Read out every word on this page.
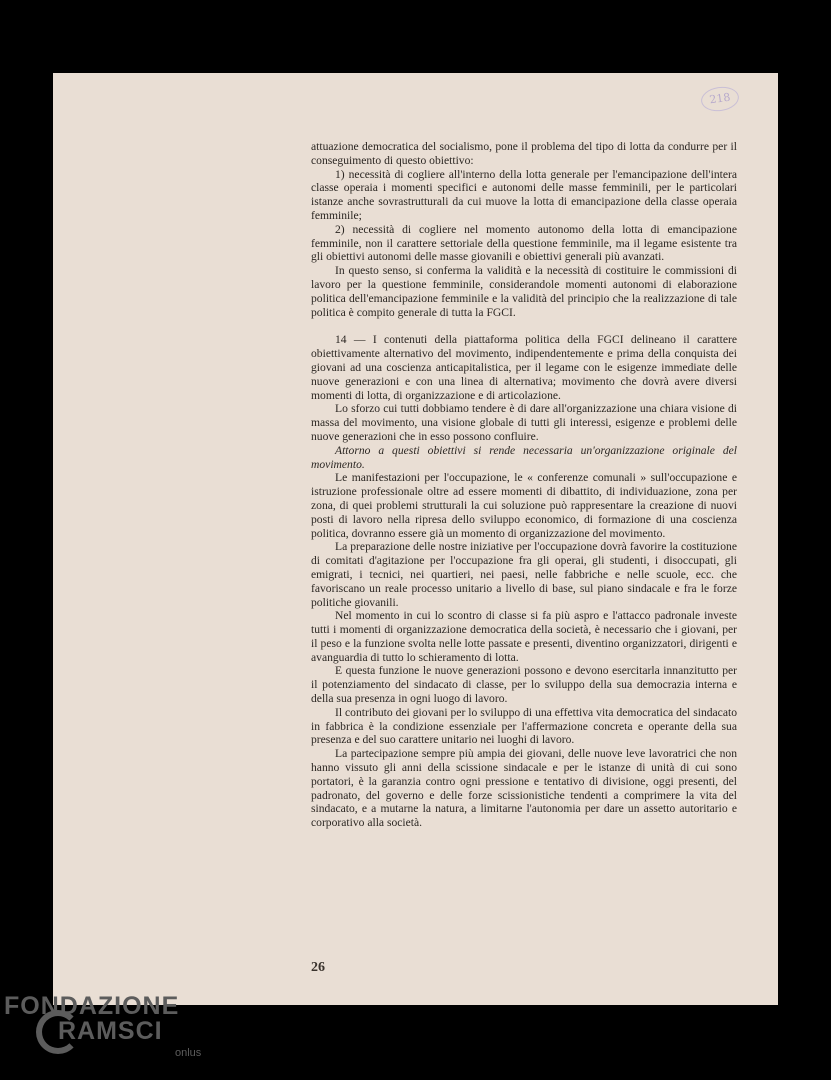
218

attuazione democratica del socialismo, pone il problema del tipo di lotta da condurre per il conseguimento di questo obiettivo:

1) necessità di cogliere all'interno della lotta generale per l'emancipazione dell'intera classe operaia i momenti specifici e autonomi delle masse femminili, per le particolari istanze anche sovrastrutturali da cui muove la lotta di emancipazione della classe operaia femminile;

2) necessità di cogliere nel momento autonomo della lotta di emancipazione femminile, non il carattere settoriale della questione femminile, ma il legame esistente tra gli obiettivi autonomi delle masse giovanili e obiettivi generali più avanzati.

In questo senso, si conferma la validità e la necessità di costituire le commissioni di lavoro per la questione femminile, considerandole momenti autonomi di elaborazione politica dell'emancipazione femminile e la validità del principio che la realizzazione di tale politica è compito generale di tutta la FGCI.

14 — I contenuti della piattaforma politica della FGCI delineano il carattere obiettivamente alternativo del movimento, indipendentemente e prima della conquista dei giovani ad una coscienza anticapitalistica, per il legame con le esigenze immediate delle nuove generazioni e con una linea di alternativa; movimento che dovrà avere diversi momenti di lotta, di organizzazione e di articolazione.

Lo sforzo cui tutti dobbiamo tendere è di dare all'organizzazione una chiara visione di massa del movimento, una visione globale di tutti gli interessi, esigenze e problemi delle nuove generazioni che in esso possono confluire.

Attorno a questi obiettivi si rende necessaria un'organizzazione originale del movimento.

Le manifestazioni per l'occupazione, le « conferenze comunali » sull'occupazione e istruzione professionale oltre ad essere momenti di dibattito, di individuazione, zona per zona, di quei problemi strutturali la cui soluzione può rappresentare la creazione di nuovi posti di lavoro nella ripresa dello sviluppo economico, di formazione di una coscienza politica, dovranno essere già un momento di organizzazione del movimento.

La preparazione delle nostre iniziative per l'occupazione dovrà favorire la costituzione di comitati d'agitazione per l'occupazione fra gli operai, gli studenti, i disoccupati, gli emigrati, i tecnici, nei quartieri, nei paesi, nelle fabbriche e nelle scuole, ecc. che favoriscano un reale processo unitario a livello di base, sul piano sindacale e fra le forze politiche giovanili.

Nel momento in cui lo scontro di classe si fa più aspro e l'attacco padronale investe tutti i momenti di organizzazione democratica della società, è necessario che i giovani, per il peso e la funzione svolta nelle lotte passate e presenti, diventino organizzatori, dirigenti e avanguardia di tutto lo schieramento di lotta.

E questa funzione le nuove generazioni possono e devono esercitarla innanzitutto per il potenziamento del sindacato di classe, per lo sviluppo della sua democrazia interna e della sua presenza in ogni luogo di lavoro.

Il contributo dei giovani per lo sviluppo di una effettiva vita democratica del sindacato in fabbrica è la condizione essenziale per l'affermazione concreta e operante della sua presenza e del suo carattere unitario nei luoghi di lavoro.

La partecipazione sempre più ampia dei giovani, delle nuove leve lavoratrici che non hanno vissuto gli anni della scissione sindacale e per le istanze di unità di cui sono portatori, è la garanzia contro ogni pressione e tentativo di divisione, oggi presenti, del padronato, del governo e delle forze scissionistiche tendenti a comprimere la vita del sindacato, e a mutarne la natura, a limitarne l'autonomia per dare un assetto autoritario e corporativo alla società.

26
FONDAZIONE
RAMSCI
onlus
